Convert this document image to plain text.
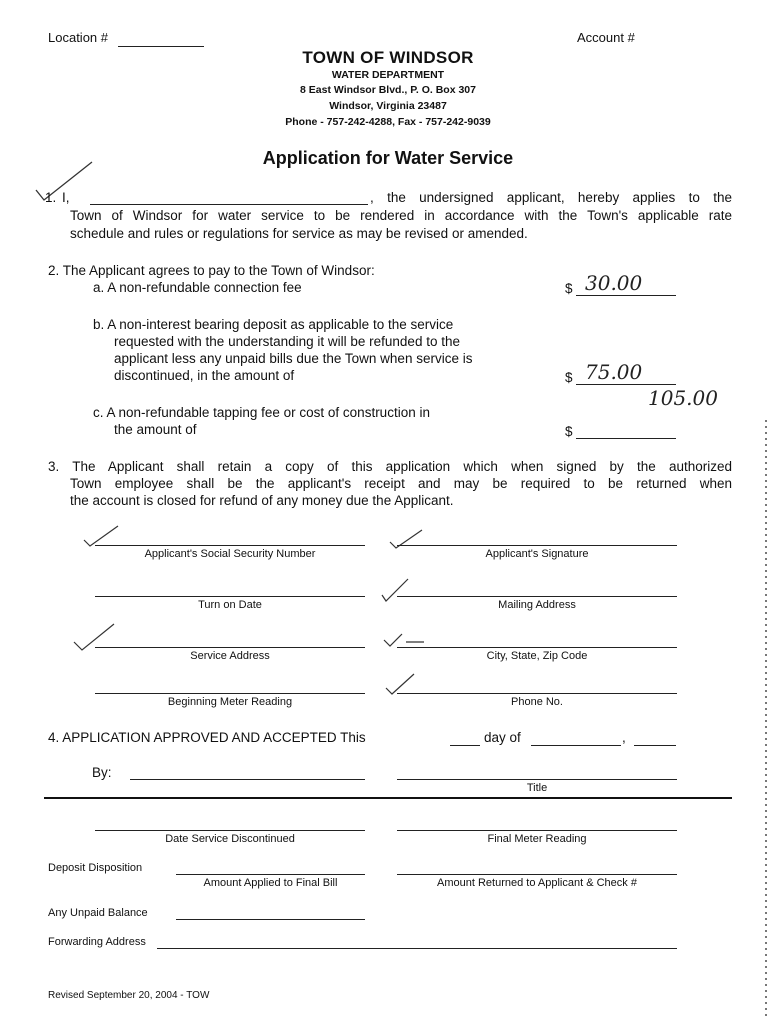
Location #	Account #
TOWN OF WINDSOR
WATER DEPARTMENT
8 East Windsor Blvd., P. O. Box 307
Windsor, Virginia 23487
Phone - 757-242-4288, Fax - 757-242-9039
Application for Water Service
1. I,	, the undersigned applicant, hereby applies to the
Town of Windsor for water service to be rendered in accordance with the Town's applicable rate
schedule and rules or regulations for service as may be revised or amended.
2. The Applicant agrees to pay to the Town of Windsor:
a. A non-refundable connection fee	$ 30.00
b. A non-interest bearing deposit as applicable to the service
requested with the understanding it will be refunded to the
applicant less any unpaid bills due the Town when service is
discontinued, in the amount of	$ 75.00
105.00
c. A non-refundable tapping fee or cost of construction in
the amount of	$
3. The Applicant shall retain a copy of this application which when signed by the authorized
Town employee shall be the applicant's receipt and may be required to be returned when
the account is closed for refund of any money due the Applicant.
Applicant's Social Security Number	Applicant's Signature
Turn on Date	Mailing Address
Service Address	City, State, Zip Code
Beginning Meter Reading	Phone No.
4. APPLICATION APPROVED AND ACCEPTED This	day of	,
By:
Title
Date Service Discontinued	Final Meter Reading
Deposit Disposition
Amount Applied to Final Bill	Amount Returned to Applicant & Check #
Any Unpaid Balance
Forwarding Address
Revised September 20, 2004 - TOW
